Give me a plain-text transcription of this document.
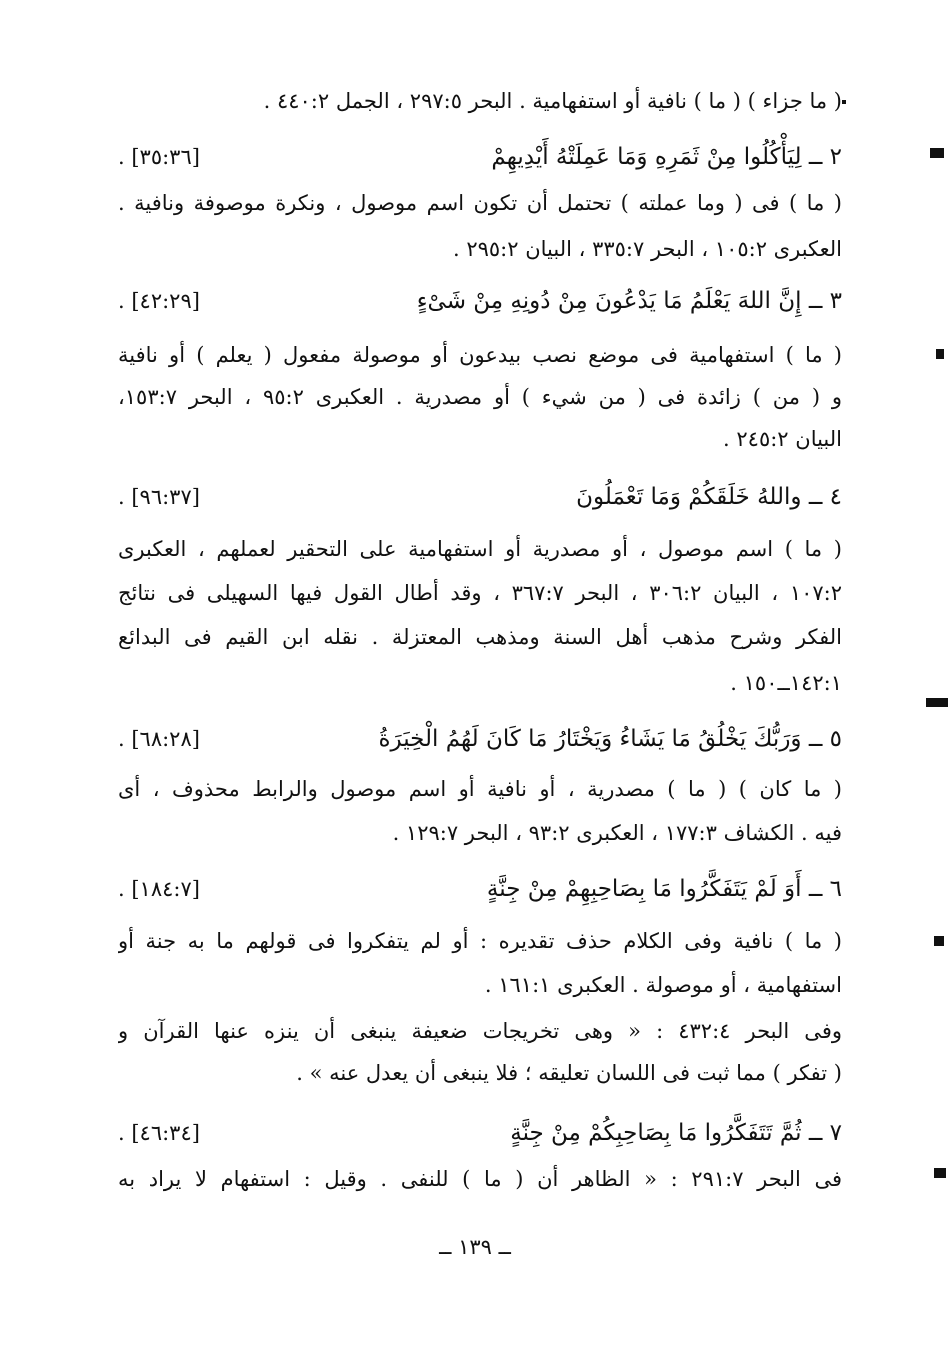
( ما جزاء ) ( ما ) نافية أو استفهامية . البحر ٢٩٧:٥ ، الجمل ٤٤٠:٢ .
٢ ــ لِيَأْكُلُوا مِنْ ثَمَرِهِ وَمَا عَمِلَتْهُ أَيْدِيهِمْ
. [٣٥:٣٦]
( ما ) فى ( وما عملته ) تحتمل أن تكون اسم موصول ، ونكرة موصوفة ونافية .
العكبرى ١٠٥:٢ ، البحر ٣٣٥:٧ ، البيان ٢٩٥:٢ .
٣ ــ إِنَّ اللهَ يَعْلَمُ مَا يَدْعُونَ مِنْ دُونِهِ مِنْ شَىْءٍ
. [٤٢:٢٩]
( ما ) استفهامية فى موضع نصب بيدعون أو موصولة مفعول ( يعلم ) أو نافية
و ( من ) زائدة فى ( من شيء ) أو مصدرية . العكبرى ٩٥:٢ ، البحر ١٥٣:٧،
البيان ٢٤٥:٢ .
٤ ــ واللهُ خَلَقَكُمْ وَمَا تَعْمَلُونَ
. [٩٦:٣٧]
( ما ) اسم موصول ، أو مصدرية أو استفهامية على التحقير لعملهم ، العكبرى
١٠٧:٢ ، البيان ٣٠٦:٢ ، البحر ٣٦٧:٧ ، وقد أطال القول فيها السهيلى فى نتائج
الفكر وشرح مذهب أهل السنة ومذهب المعتزلة . نقله ابن القيم فى البدائع
١٤٢:١ــ١٥٠ .
٥ ــ وَرَبُّكَ يَخْلُقُ مَا يَشَاءُ وَيَخْتَارُ مَا كَانَ لَهُمُ الْخِيَرَةُ
. [٦٨:٢٨]
( ما كان ) ( ما ) مصدرية ، أو نافية أو اسم موصول والرابط محذوف ، أى
فيه . الكشاف ١٧٧:٣ ، العكبرى ٩٣:٢ ، البحر ١٢٩:٧ .
٦ ــ أَوَ لَمْ يَتَفَكَّرُوا مَا بِصَاحِبِهِمْ مِنْ جِنَّةٍ
. [١٨٤:٧]
( ما ) نافية وفى الكلام حذف تقديره : أو لم يتفكروا فى قولهم ما به جنة أو
استفهامية ، أو موصولة . العكبرى ١٦١:١ .
وفى البحر ٤٣٢:٤ : « وهى تخريجات ضعيفة ينبغى أن ينزه عنها القرآن و
( تفكر ) مما ثبت فى اللسان تعليقه ؛ فلا ينبغى أن يعدل عنه » .
٧ ــ ثُمَّ تَتَفَكَّرُوا مَا بِصَاحِبِكُمْ مِنْ جِنَّةٍ
. [٤٦:٣٤]
فى البحر ٢٩١:٧ : « الظاهر أن ( ما ) للنفى . وقيل : استفهام لا يراد به
ــ ١٣٩ ــ
